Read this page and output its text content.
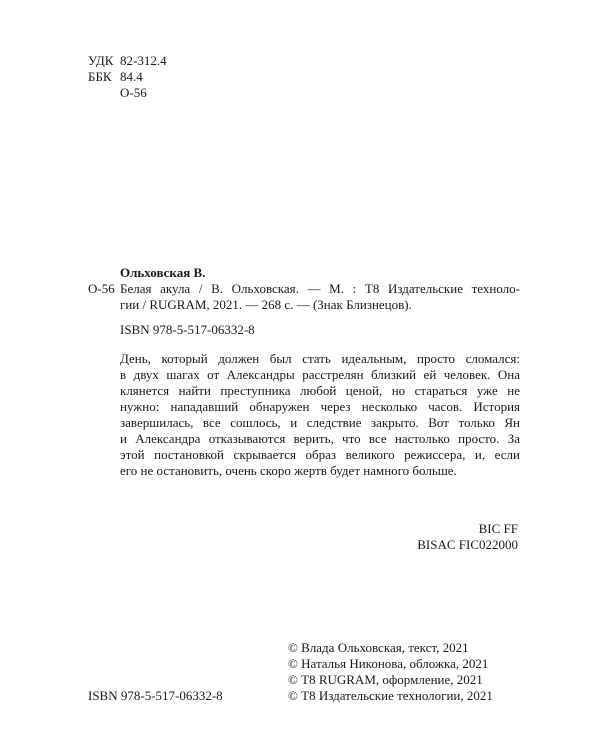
УДК 82-312.4
ББК 84.4
О-56
Ольховская В.
О-56 Белая акула / В. Ольховская. — М. : Т8 Издательские техноло-
гии / RUGRAM, 2021. — 268 с. — (Знак Близнецов).
ISBN 978-5-517-06332-8
День, который должен был стать идеальным, просто сломался:
в двух шагах от Александры расстрелян близкий ей человек. Она
клянется найти преступника любой ценой, но стараться уже не
нужно: нападавший обнаружен через несколько часов. История
завершилась, все сошлось, и следствие закрыто. Вот только Ян
и Александра отказываются верить, что все настолько просто. За
этой постановкой скрывается образ великого режиссера, и, если
его не остановить, очень скоро жертв будет намного больше.
BIC FF
BISAC FIC022000
© Влада Ольховская, текст, 2021
© Наталья Никонова, обложка, 2021
© Т8 RUGRAM, оформление, 2021
© Т8 Издательские технологии, 2021
ISBN 978-5-517-06332-8
